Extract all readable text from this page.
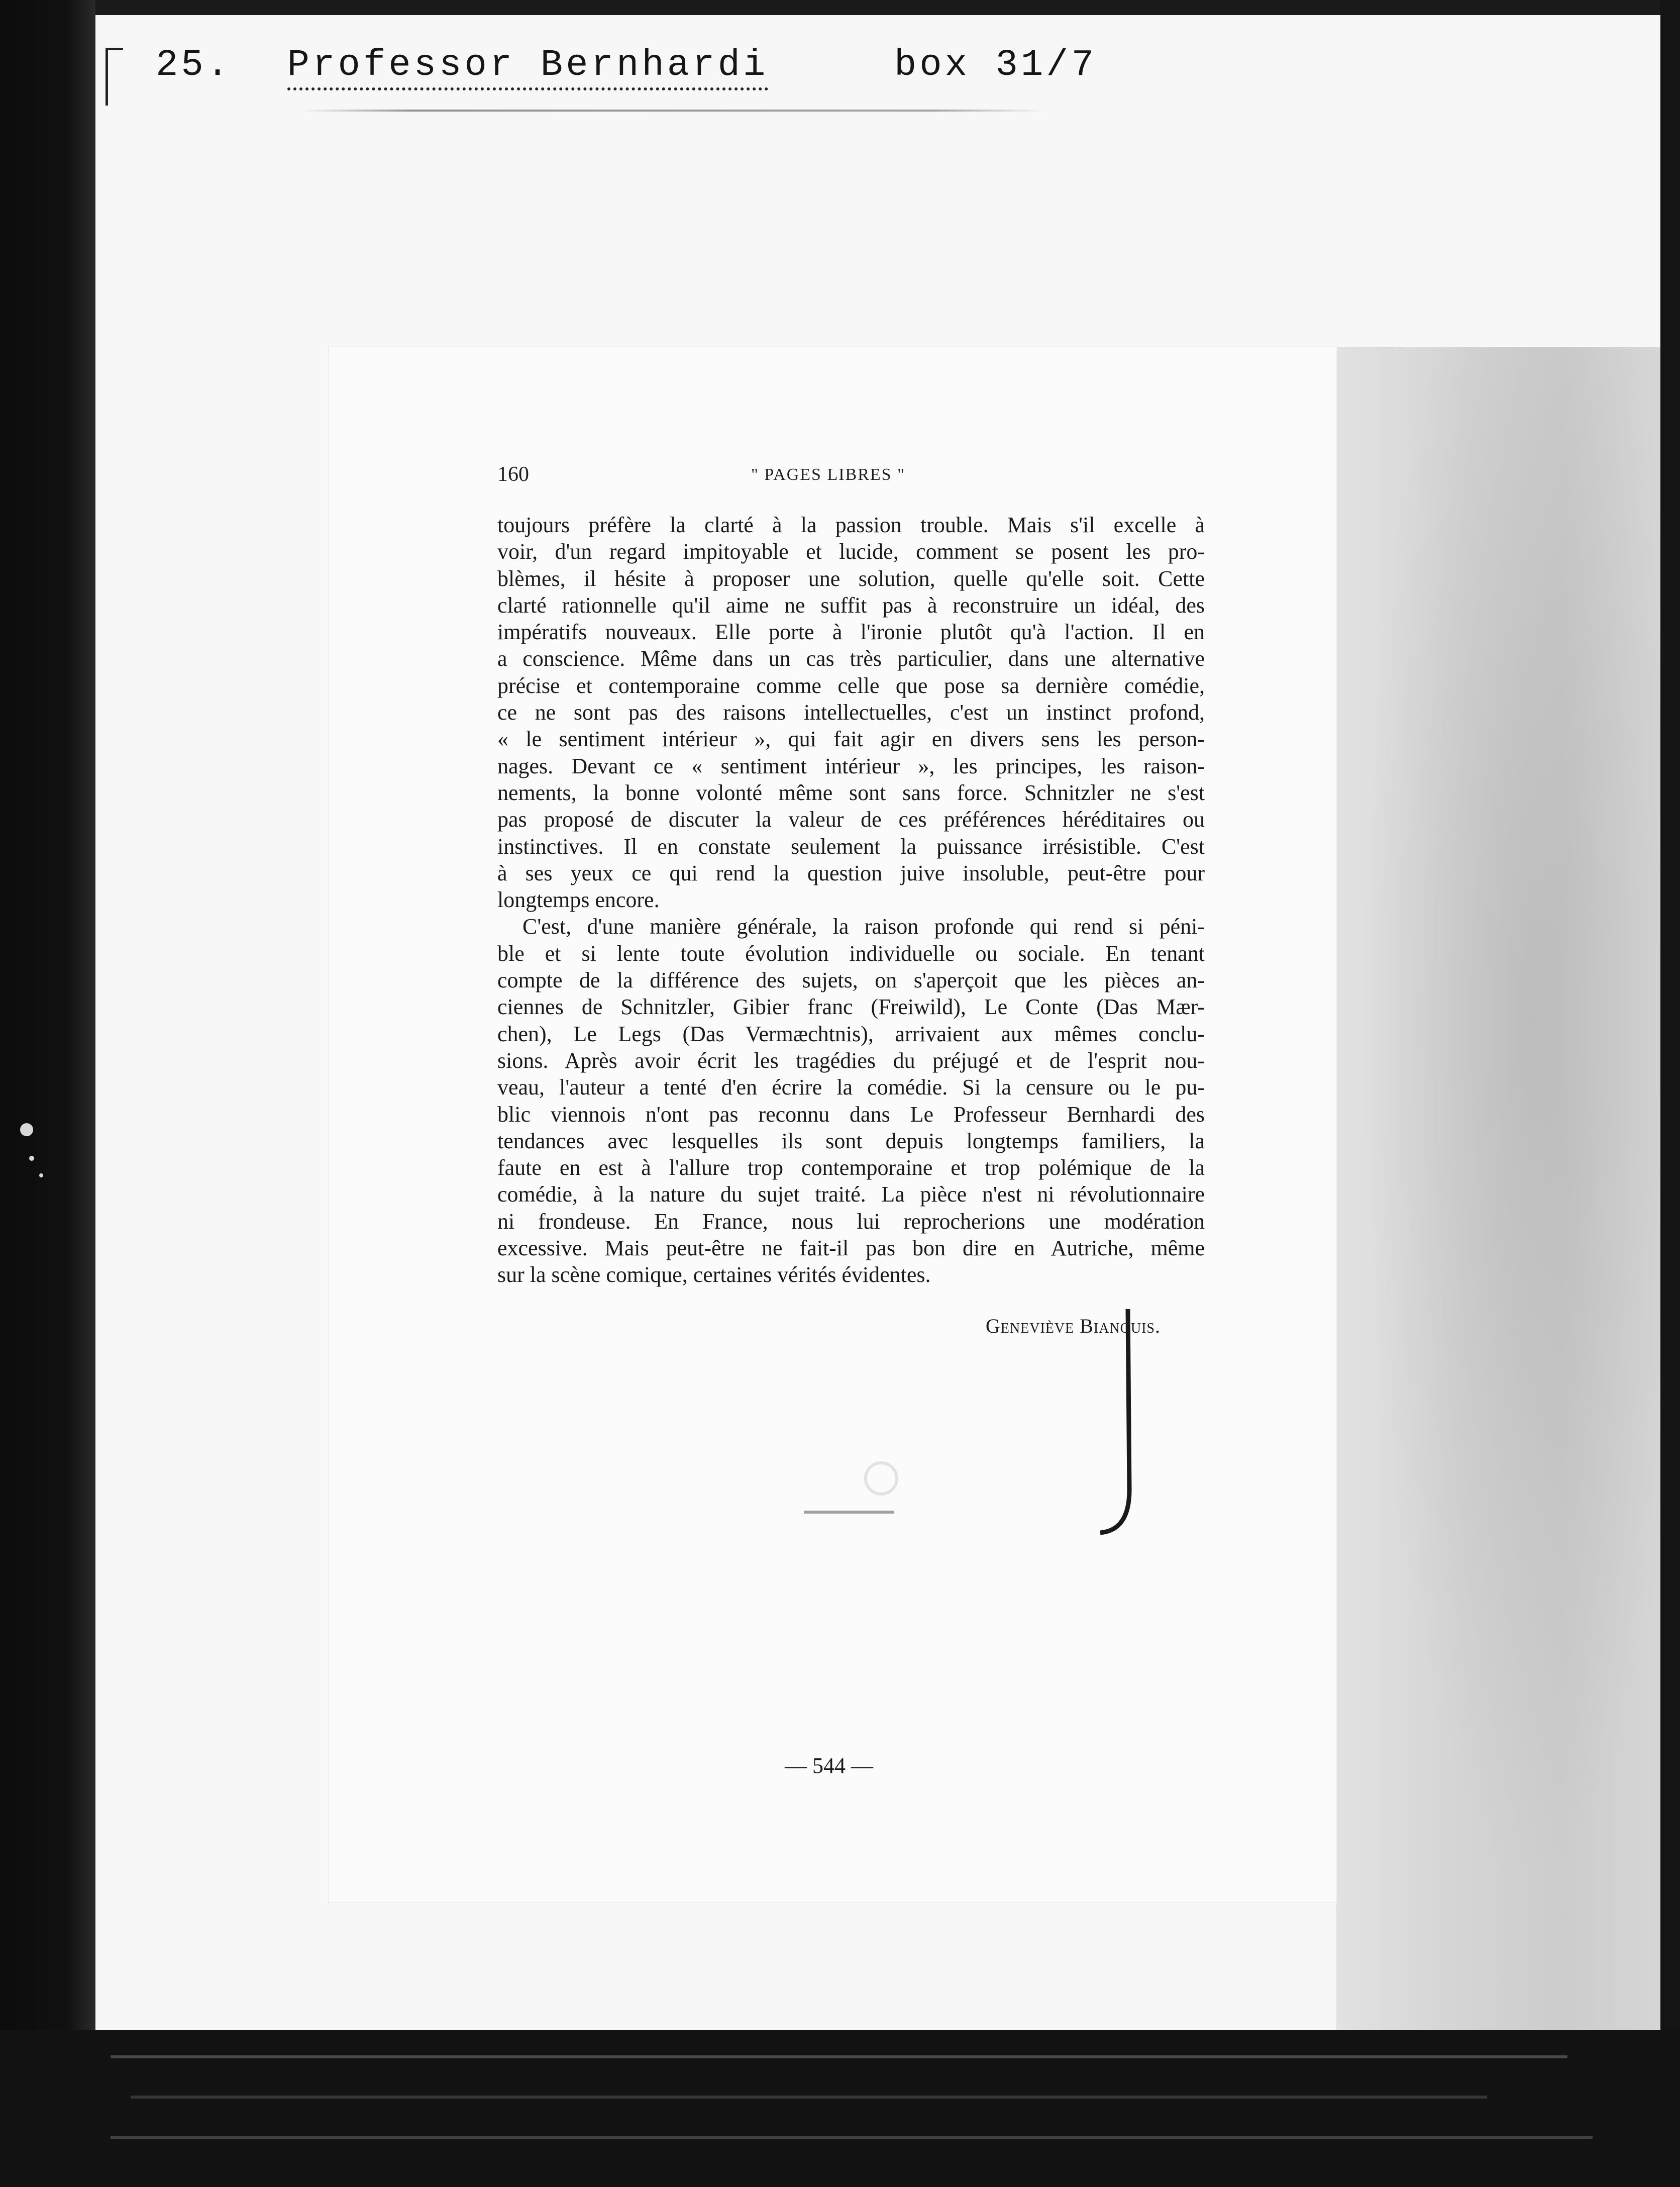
25. Professor Bernhardi	box 31/7
160	" PAGES LIBRES "
toujours préfère la clarté à la passion trouble. Mais s'il excelle à
voir, d'un regard impitoyable et lucide, comment se posent les pro-
blèmes, il hésite à proposer une solution, quelle qu'elle soit. Cette
clarté rationnelle qu'il aime ne suffit pas à reconstruire un idéal, des
impératifs nouveaux. Elle porte à l'ironie plutôt qu'à l'action. Il en
a conscience. Même dans un cas très particulier, dans une alternative
précise et contemporaine comme celle que pose sa dernière comédie,
ce ne sont pas des raisons intellectuelles, c'est un instinct profond,
« le sentiment intérieur », qui fait agir en divers sens les person-
nages. Devant ce « sentiment intérieur », les principes, les raison-
nements, la bonne volonté même sont sans force. Schnitzler ne s'est
pas proposé de discuter la valeur de ces préférences héréditaires ou
instinctives. Il en constate seulement la puissance irrésistible. C'est
à ses yeux ce qui rend la question juive insoluble, peut-être pour
longtemps encore.
C'est, d'une manière générale, la raison profonde qui rend si péni-
ble et si lente toute évolution individuelle ou sociale. En tenant
compte de la différence des sujets, on s'aperçoit que les pièces an-
ciennes de Schnitzler, Gibier franc (Freiwild), Le Conte (Das Mær-
chen), Le Legs (Das Vermæchtnis), arrivaient aux mêmes conclu-
sions. Après avoir écrit les tragédies du préjugé et de l'esprit nou-
veau, l'auteur a tenté d'en écrire la comédie. Si la censure ou le pu-
blic viennois n'ont pas reconnu dans Le Professeur Bernhardi des
tendances avec lesquelles ils sont depuis longtemps familiers, la
faute en est à l'allure trop contemporaine et trop polémique de la
comédie, à la nature du sujet traité. La pièce n'est ni révolutionnaire
ni frondeuse. En France, nous lui reprocherions une modération
excessive. Mais peut-être ne fait-il pas bon dire en Autriche, même
sur la scène comique, certaines vérités évidentes.
Geneviève Bianquis.
— 544 —
